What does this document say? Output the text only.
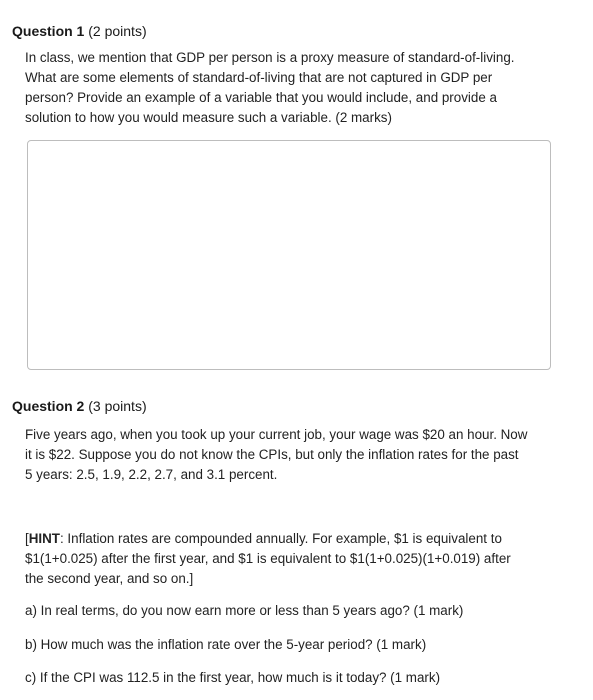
Question 1 (2 points)
In class, we mention that GDP per person is a proxy measure of standard-of-living.
What are some elements of standard-of-living that are not captured in GDP per
person? Provide an example of a variable that you would include, and provide a
solution to how you would measure such a variable. (2 marks)
Question 2 (3 points)
Five years ago, when you took up your current job, your wage was $20 an hour. Now
it is $22. Suppose you do not know the CPIs, but only the inflation rates for the past
5 years: 2.5, 1.9, 2.2, 2.7, and 3.1 percent.
[HINT: Inflation rates are compounded annually. For example, $1 is equivalent to
$1(1+0.025) after the first year, and $1 is equivalent to $1(1+0.025)(1+0.019) after
the second year, and so on.]
a) In real terms, do you now earn more or less than 5 years ago? (1 mark)
b) How much was the inflation rate over the 5-year period? (1 mark)
c) If the CPI was 112.5 in the first year, how much is it today? (1 mark)
